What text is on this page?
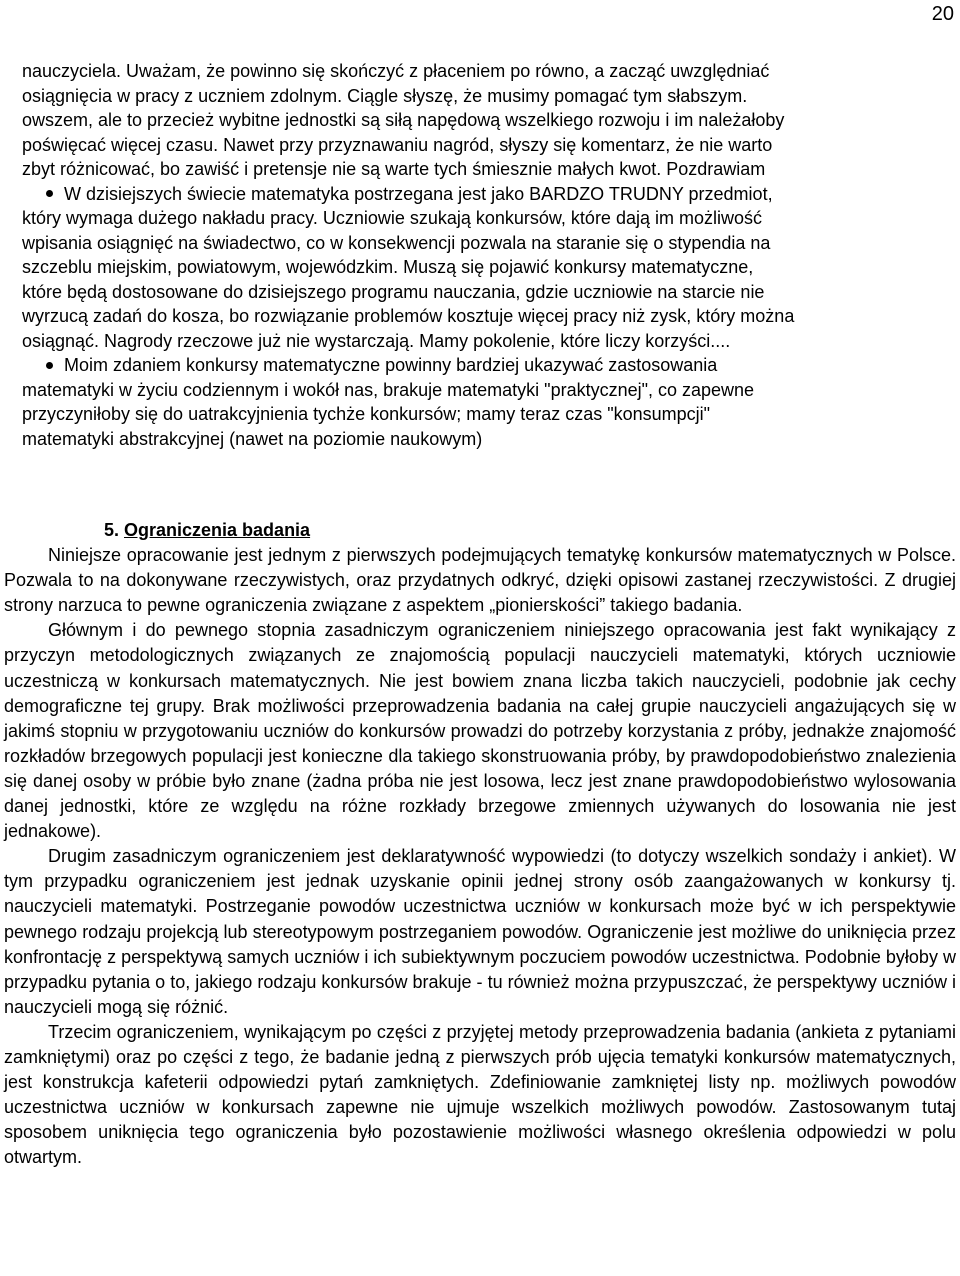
20
nauczyciela. Uważam, że powinno się skończyć z płaceniem po równo, a zacząć uwzględniać
osiągnięcia w pracy z uczniem zdolnym. Ciągle słyszę, że musimy pomagać tym słabszym.
owszem, ale to przecież wybitne jednostki są siłą napędową wszelkiego rozwoju i im należałoby
poświęcać więcej czasu. Nawet przy przyznawaniu nagród, słyszy się komentarz, że nie warto
zbyt różnicować, bo zawiść i pretensje nie są warte tych śmiesznie małych kwot. Pozdrawiam
W dzisiejszych świecie matematyka postrzegana jest jako BARDZO TRUDNY przedmiot,
który wymaga dużego nakładu pracy. Uczniowie szukają konkursów, które dają im możliwość
wpisania osiągnięć na świadectwo, co w konsekwencji pozwala na staranie się o stypendia na
szczeblu miejskim, powiatowym, wojewódzkim. Muszą się pojawić konkursy matematyczne,
które będą dostosowane do dzisiejszego programu nauczania, gdzie uczniowie na starcie nie
wyrzucą zadań do kosza, bo rozwiązanie problemów kosztuje więcej pracy niż zysk, który można
osiągnąć. Nagrody rzeczowe już nie wystarczają. Mamy pokolenie, które liczy korzyści....
Moim zdaniem konkursy matematyczne powinny bardziej ukazywać zastosowania
matematyki w życiu codziennym i wokół nas, brakuje matematyki "praktycznej", co zapewne
przyczyniłoby się do uatrakcyjnienia tychże konkursów; mamy teraz czas "konsumpcji"
matematyki abstrakcyjnej (nawet na poziomie naukowym)

5. Ograniczenia badania

Niniejsze opracowanie jest jednym z pierwszych podejmujących tematykę konkursów matematycznych w Polsce. Pozwala to na dokonywane rzeczywistych, oraz przydatnych odkryć, dzięki opisowi zastanej rzeczywistości. Z drugiej strony narzuca to pewne ograniczenia związane z aspektem „pionierskości” takiego badania.

Głównym i do pewnego stopnia zasadniczym ograniczeniem niniejszego opracowania jest fakt wynikający z przyczyn metodologicznych związanych ze znajomością populacji nauczycieli matematyki, których uczniowie uczestniczą w konkursach matematycznych. Nie jest bowiem znana liczba takich nauczycieli, podobnie jak cechy demograficzne tej grupy. Brak możliwości przeprowadzenia badania na całej grupie nauczycieli angażujących się w jakimś stopniu w przygotowaniu uczniów do konkursów prowadzi do potrzeby korzystania z próby, jednakże znajomość rozkładów brzegowych populacji jest konieczne dla takiego skonstruowania próby, by prawdopodobieństwo znalezienia się danej osoby w próbie było znane (żadna próba nie jest losowa, lecz jest znane prawdopodobieństwo wylosowania danej jednostki, które ze względu na różne rozkłady brzegowe zmiennych używanych do losowania nie jest jednakowe).

Drugim zasadniczym ograniczeniem jest deklaratywność wypowiedzi (to dotyczy wszelkich sondaży i ankiet). W tym przypadku ograniczeniem jest jednak uzyskanie opinii jednej strony osób zaangażowanych w konkursy tj. nauczycieli matematyki. Postrzeganie powodów uczestnictwa uczniów w konkursach może być w ich perspektywie pewnego rodzaju projekcją lub stereotypowym postrzeganiem powodów. Ograniczenie jest możliwe do uniknięcia przez konfrontację z perspektywą samych uczniów i ich subiektywnym poczuciem powodów uczestnictwa. Podobnie byłoby w przypadku pytania o to, jakiego rodzaju konkursów brakuje - tu również można przypuszczać, że perspektywy uczniów i nauczycieli mogą się różnić.

Trzecim ograniczeniem, wynikającym po części z przyjętej metody przeprowadzenia badania (ankieta z pytaniami zamkniętymi) oraz po części z tego, że badanie jedną z pierwszych prób ujęcia tematyki konkursów matematycznych, jest konstrukcja kafeterii odpowiedzi pytań zamkniętych. Zdefiniowanie zamkniętej listy np. możliwych powodów uczestnictwa uczniów w konkursach zapewne nie ujmuje wszelkich możliwych powodów. Zastosowanym tutaj sposobem uniknięcia tego ograniczenia było pozostawienie możliwości własnego określenia odpowiedzi w polu otwartym.
